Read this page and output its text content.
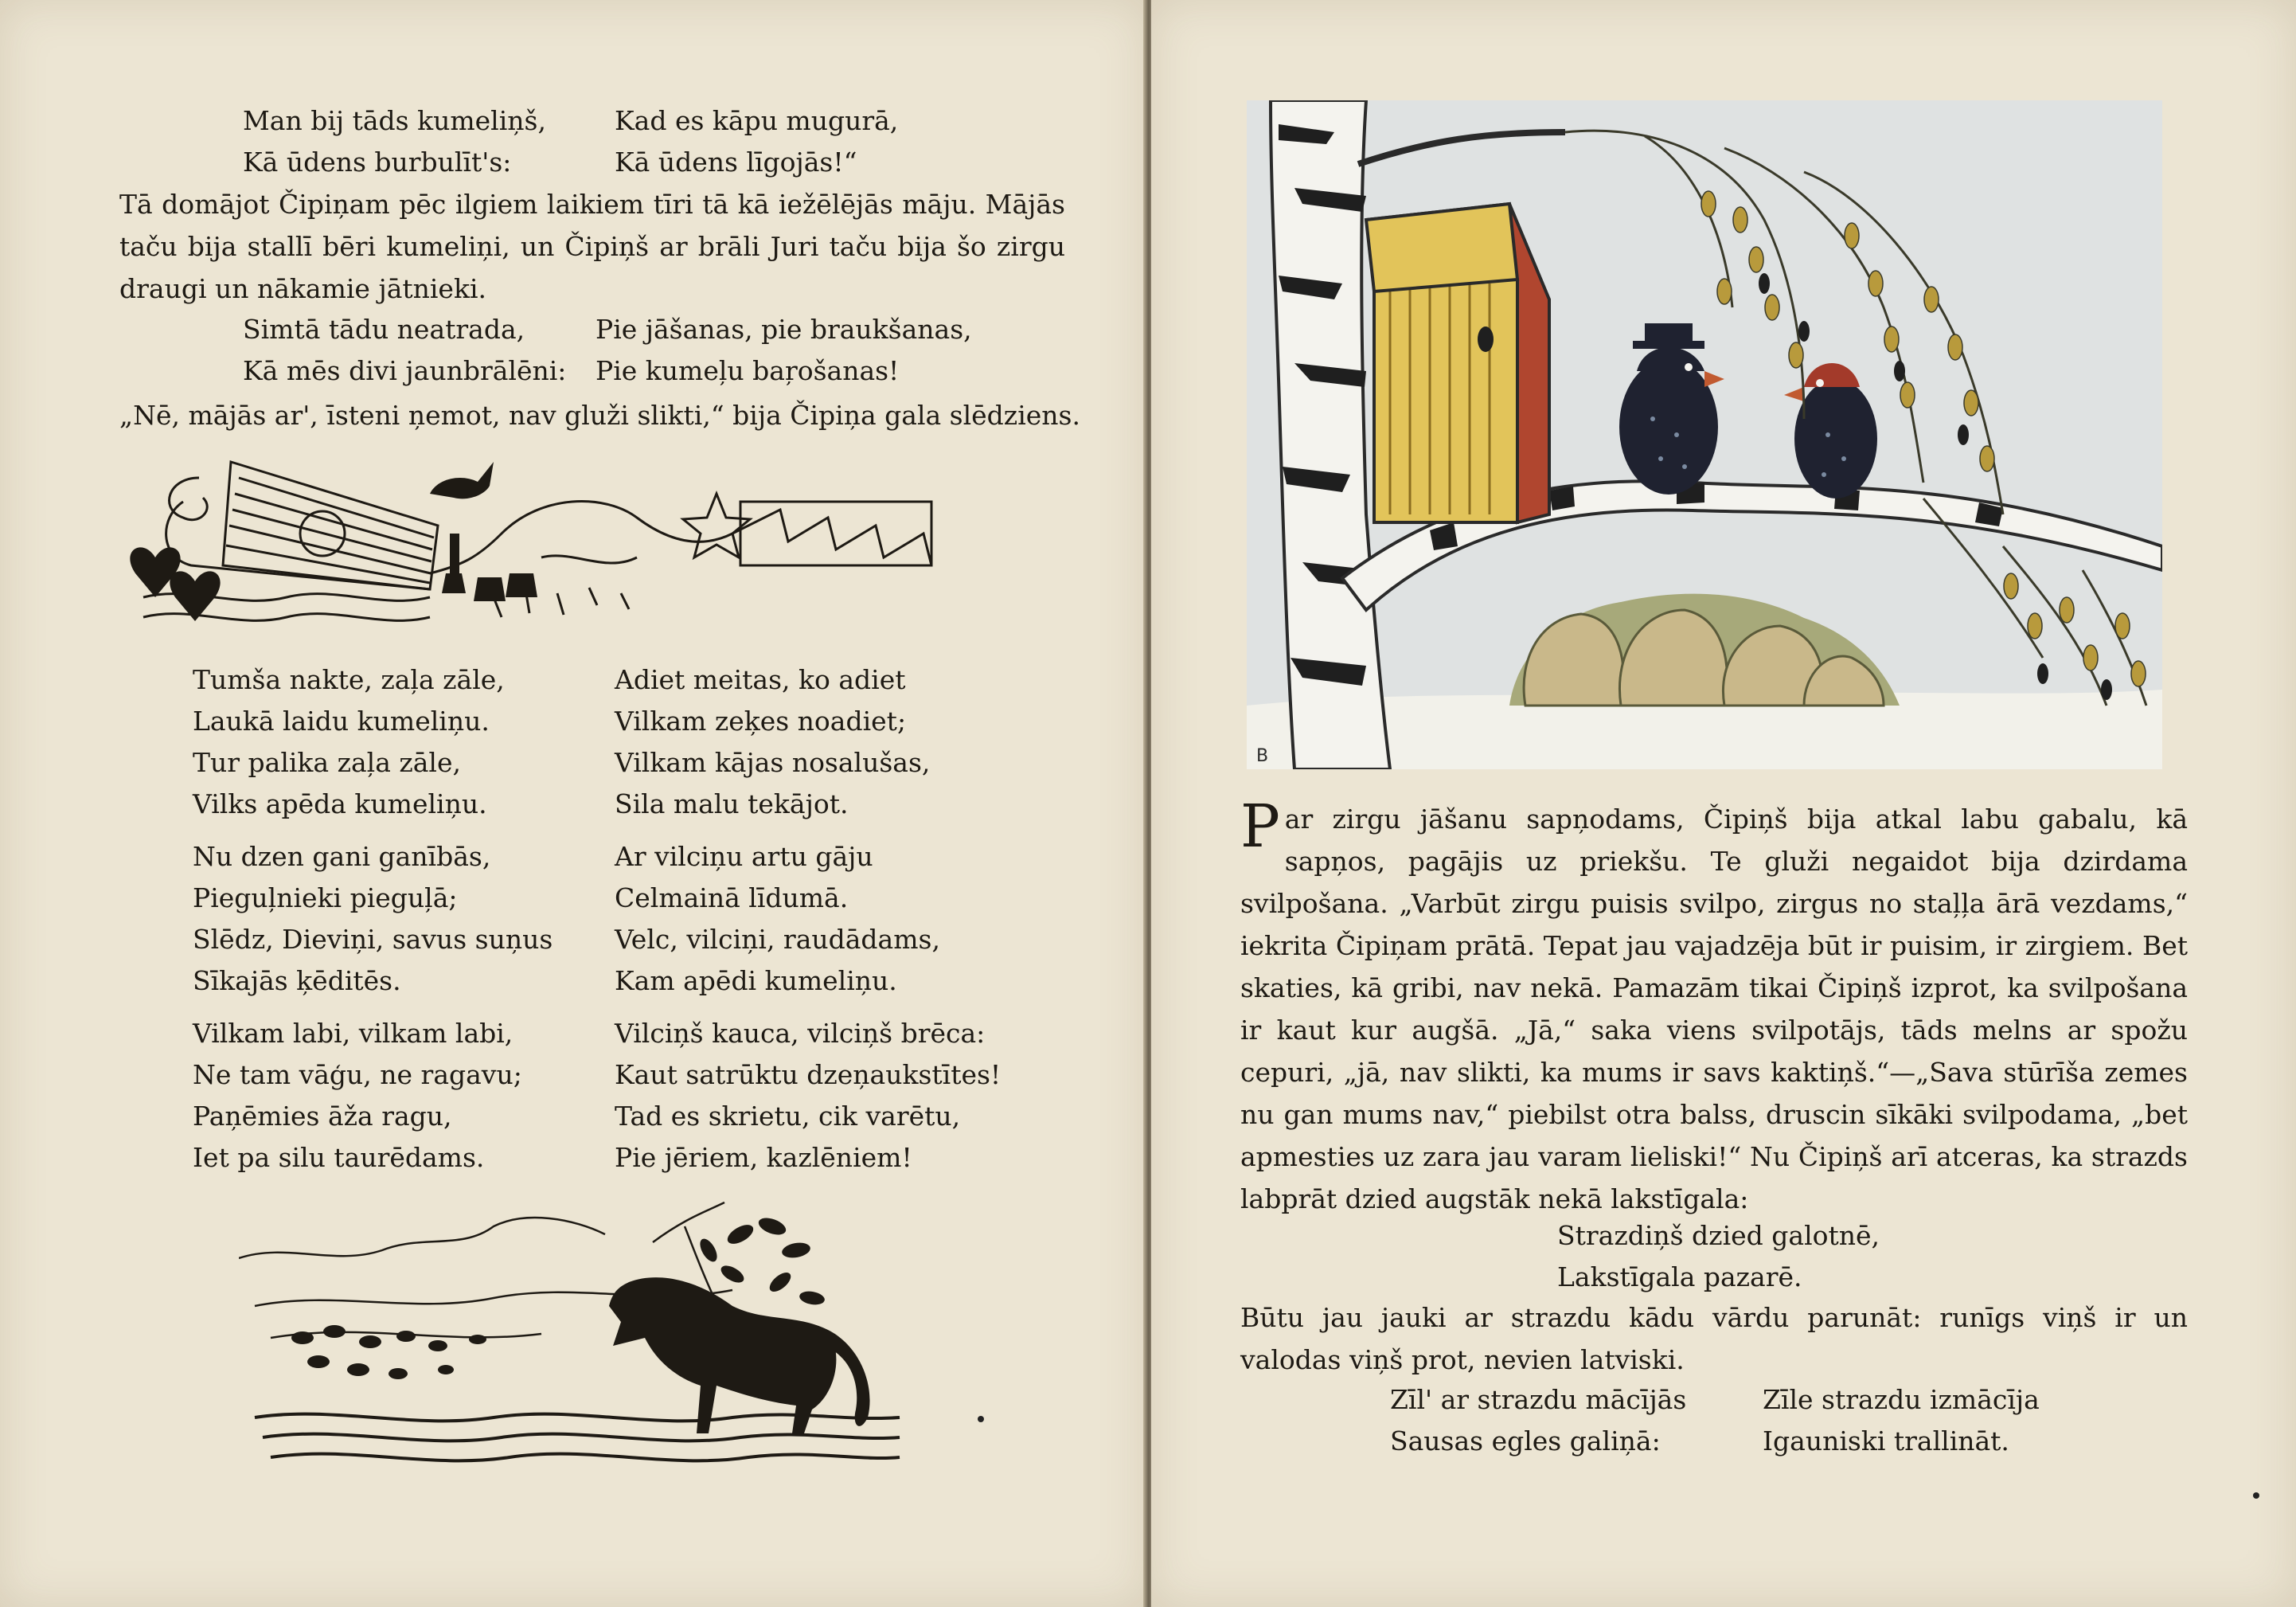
Man bij tāds kumeliņš,
Kā ūdens burbulīt's:
Kad es kāpu mugurā,
Kā ūdens līgojās!“

Tā domājot Čipiņam pēc ilgiem laikiem tīri tā kā iežēlējās māju. Mājās taču bija stallī bēri kumeliņi, un Čipiņš ar brāli Juri taču bija šo zirgu draugi un nākamie jātnieki.

Simtā tādu neatrada,
Kā mēs divi jaunbrālēni:
Pie jāšanas, pie braukšanas,
Pie kumeļu baŗošanas!
„Nē, mājās ar', īsteni ņemot, nav gluži slikti,“ bija Čipiņa gala slēdziens.
Tumša nakte, zaļa zāle,
Laukā laidu kumeliņu.
Tur palika zaļa zāle,
Vilks apēda kumeliņu.
Nu dzen gani ganībās,
Pieguļnieki pieguļā;
Slēdz, Dieviņi, savus suņus
Sīkajās ķēditēs.
Vilkam labi, vilkam labi,
Ne tam vāģu, ne ragavu;
Paņēmies āža ragu,
Iet pa silu taurēdams.
Adiet meitas, ko adiet
Vilkam zeķes noadiet;
Vilkam kājas nosalušas,
Sila malu tekājot.
Ar vilciņu artu gāju
Celmainā līdumā.
Velc, vilciņi, raudādams,
Kam apēdi kumeliņu.
Vilciņš kauca, vilciņš brēca:
Kaut satrūktu dzeņaukstītes!
Tad es skrietu, cik varētu,
Pie jēriem, kazlēniem!
B

Par zirgu jāšanu sapņodams, Čipiņš bija atkal labu gabalu, kā sapņos, pagājis uz priekšu. Te gluži negaidot bija dzirdama svilpošana. „Varbūt zirgu puisis svilpo, zirgus no staļļa ārā vezdams,“ iekrita Čipiņam prātā. Tepat jau vajadzēja būt ir puisim, ir zirgiem. Bet skaties, kā gribi, nav nekā. Pamazām tikai Čipiņš izprot, ka svilpošana ir kaut kur augšā. „Jā,“ saka viens svilpotājs, tāds melns ar spožu cepuri, „jā, nav slikti, ka mums ir savs kaktiņš.“—„Sava stūrīša zemes nu gan mums nav,“ piebilst otra balss, druscin sīkāki svilpodama, „bet apmesties uz zara jau varam lieliski!“ Nu Čipiņš arī atceras, ka strazds labprāt dzied augstāk nekā lakstīgala:

Strazdiņš dzied galotnē,
Lakstīgala pazarē.

Būtu jau jauki ar strazdu kādu vārdu parunāt: runīgs viņš ir un valodas viņš prot, nevien latviski.

Zīl' ar strazdu mācījās
Sausas egles galiņā:
Zīle strazdu izmācīja
Igauniski trallināt.
